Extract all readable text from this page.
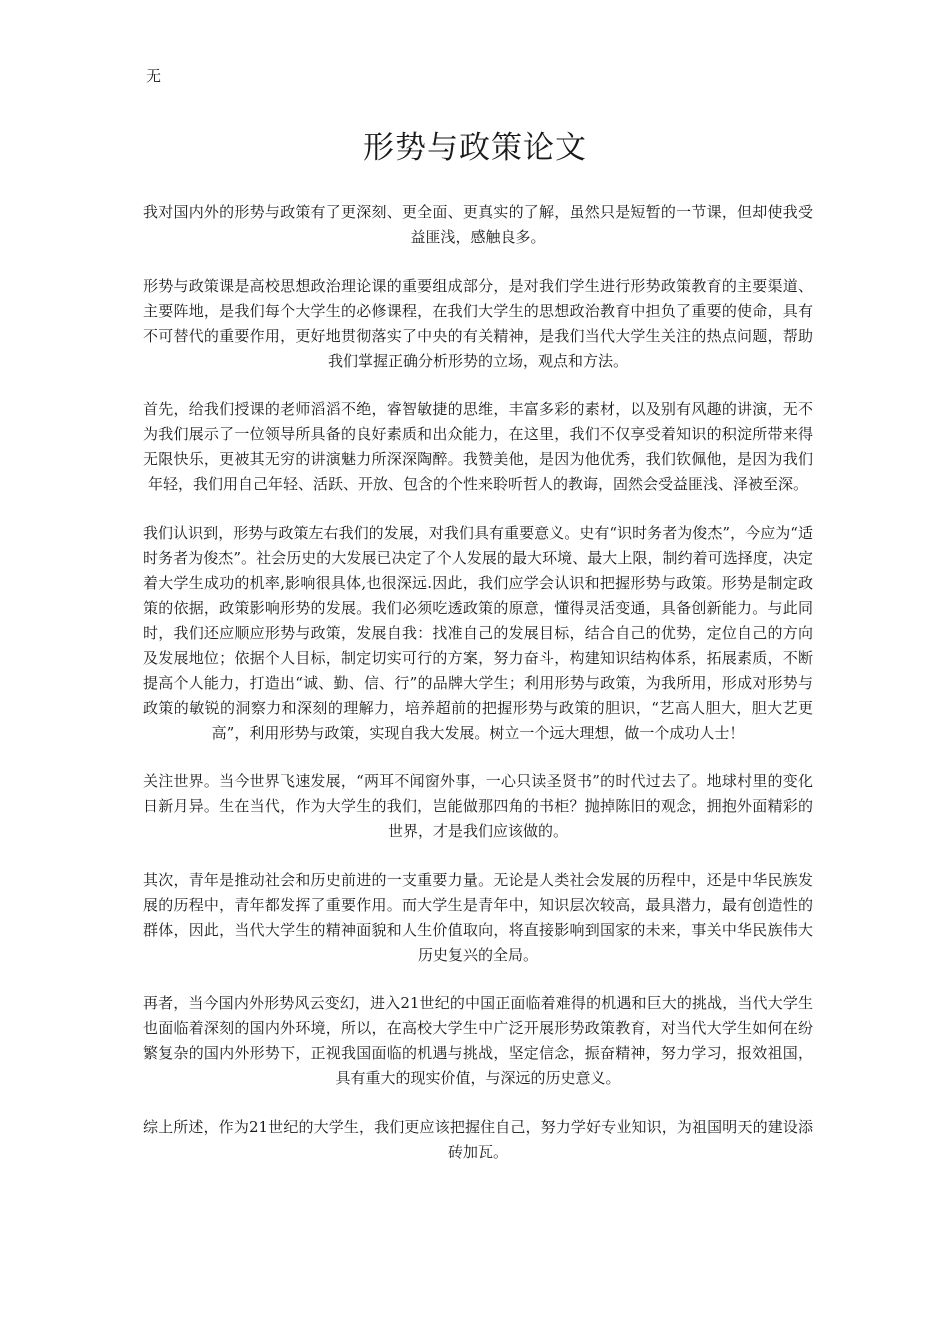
无
形势与政策论文

我对国内外的形势与政策有了更深刻、更全面、更真实的了解，虽然只是短暂的一节课，但却使我受益匪浅，感触良多。

形势与政策课是高校思想政治理论课的重要组成部分，是对我们学生进行形势政策教育的主要渠道、主要阵地，是我们每个大学生的必修课程，在我们大学生的思想政治教育中担负了重要的使命，具有不可替代的重要作用，更好地贯彻落实了中央的有关精神，是我们当代大学生关注的热点问题，帮助我们掌握正确分析形势的立场，观点和方法。

首先，给我们授课的老师滔滔不绝，睿智敏捷的思维，丰富多彩的素材，以及别有风趣的讲演，无不为我们展示了一位领导所具备的良好素质和出众能力，在这里，我们不仅享受着知识的积淀所带来得无限快乐，更被其无穷的讲演魅力所深深陶醉。我赞美他，是因为他优秀，我们钦佩他，是因为我们年轻，我们用自己年轻、活跃、开放、包含的个性来聆听哲人的教诲，固然会受益匪浅、泽被至深。

我们认识到，形势与政策左右我们的发展，对我们具有重要意义。史有“识时务者为俊杰”，今应为“适时务者为俊杰”。社会历史的大发展已决定了个人发展的最大环境、最大上限，制约着可选择度，决定着大学生成功的机率,影响很具体,也很深远.因此，我们应学会认识和把握形势与政策。形势是制定政策的依据，政策影响形势的发展。我们必须吃透政策的原意，懂得灵活变通，具备创新能力。与此同时，我们还应顺应形势与政策，发展自我：找准自己的发展目标，结合自己的优势，定位自己的方向及发展地位；依据个人目标，制定切实可行的方案，努力奋斗，构建知识结构体系，拓展素质，不断提高个人能力，打造出“诚、勤、信、行”的品牌大学生；利用形势与政策，为我所用，形成对形势与政策的敏锐的洞察力和深刻的理解力，培养超前的把握形势与政策的胆识，“艺高人胆大，胆大艺更高”，利用形势与政策，实现自我大发展。树立一个远大理想，做一个成功人士！

关注世界。当今世界飞速发展，“两耳不闻窗外事，一心只读圣贤书”的时代过去了。地球村里的变化日新月异。生在当代，作为大学生的我们，岂能做那四角的书柜？抛掉陈旧的观念，拥抱外面精彩的世界，才是我们应该做的。

其次，青年是推动社会和历史前进的一支重要力量。无论是人类社会发展的历程中，还是中华民族发展的历程中，青年都发挥了重要作用。而大学生是青年中，知识层次较高，最具潜力，最有创造性的群体，因此，当代大学生的精神面貌和人生价值取向，将直接影响到国家的未来，事关中华民族伟大历史复兴的全局。

再者，当今国内外形势风云变幻，进入21世纪的中国正面临着难得的机遇和巨大的挑战，当代大学生也面临着深刻的国内外环境，所以，在高校大学生中广泛开展形势政策教育，对当代大学生如何在纷繁复杂的国内外形势下，正视我国面临的机遇与挑战，坚定信念，振奋精神，努力学习，报效祖国，具有重大的现实价值，与深远的历史意义。

综上所述，作为21世纪的大学生，我们更应该把握住自己，努力学好专业知识，为祖国明天的建设添砖加瓦。
